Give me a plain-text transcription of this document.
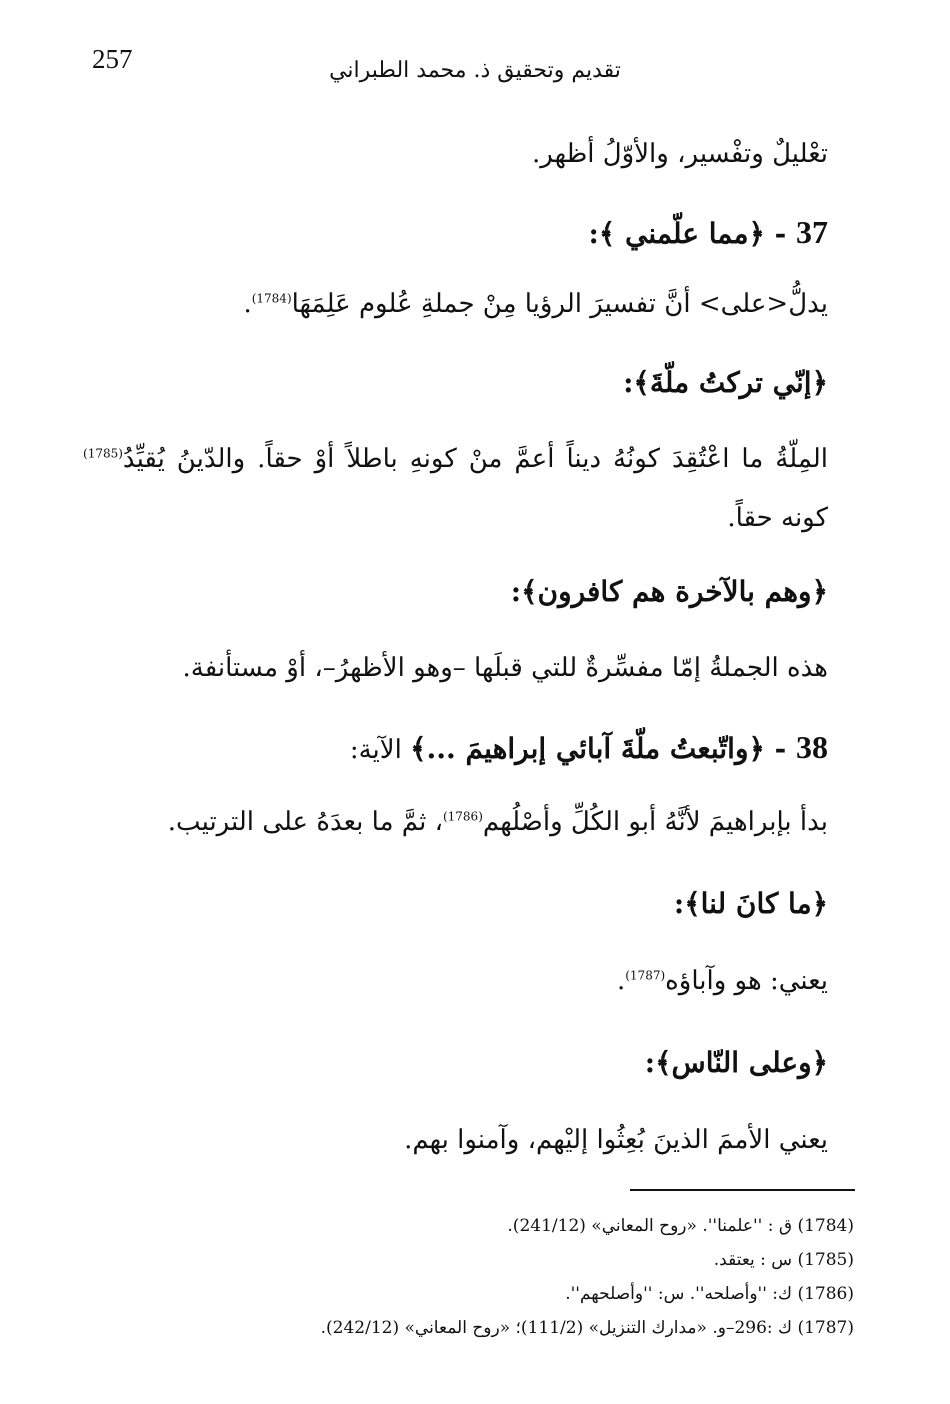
257	تقديم وتحقيق ذ. محمد الطبراني
تعْليلٌ وتفْسير، والأوّلُ أظهر.
37 - ﴿مما علّمني ﴾:
يدلُّ<على> أنَّ تفسيرَ الرؤيا مِنْ جملةِ عُلوم عَلِمَهَا$^{(1784)}$.
﴿إنّي تركتُ ملّةَ﴾:
المِلّةُ ما اعْتُقِدَ كونُهُ ديناً أعمَّ منْ كونهِ باطلاً أوْ حقاً. والدّينُ يُقيِّدُ$^{(1785)}$ كونه حقاً.
﴿وهم بالآخرة هم كافرون﴾:
هذه الجملةُ إمّا مفسِّرةٌ للتي قبلَها –وهو الأظهرُ–، أوْ مستأنفة.
38 - ﴿واتّبعتُ ملّةَ آبائي إبراهيمَ ...﴾ الآية:
بدأ بإبراهيمَ لأنَّهُ أبو الكُلِّ وأصْلُهم$^{(1786)}$، ثمَّ ما بعدَهُ على الترتيب.
﴿ما كانَ لنا﴾:
يعني: هو وآباؤه$^{(1787)}$.
﴿وعلى النّاس﴾:
يعني الأممَ الذينَ بُعِثُوا إليْهم، وآمنوا بهم.
(1784) ق : ''علمنا''. «روح المعاني» (241/12).
(1785) س : يعتقد.
(1786) ك: ''وأصلحه''. س: ''وأصلحهم''.
(1787) ك :296–و. «مدارك التنزيل» (111/2)؛ «روح المعاني» (242/12).
